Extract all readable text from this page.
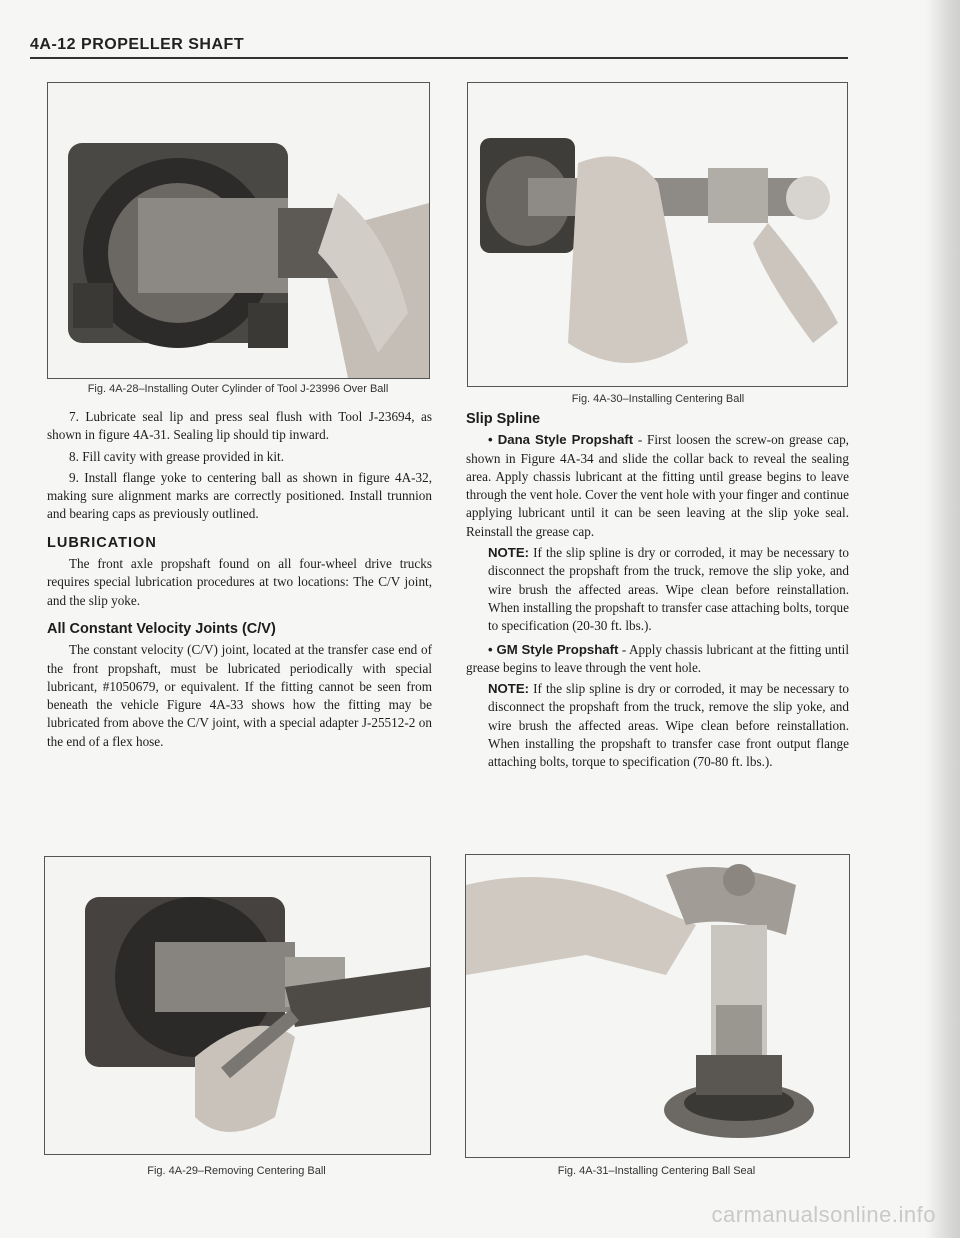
4A-12 PROPELLER SHAFT
Fig. 4A-28–Installing Outer Cylinder of Tool J-23996 Over Ball
Fig. 4A-30–Installing Centering Ball

7. Lubricate seal lip and press seal flush with Tool J-23694, as shown in figure 4A-31. Sealing lip should tip inward.

8. Fill cavity with grease provided in kit.

9. Install flange yoke to centering ball as shown in figure 4A-32, making sure alignment marks are correctly positioned. Install trunnion and bearing caps as previously outlined.

LUBRICATION

The front axle propshaft found on all four-wheel drive trucks requires special lubrication procedures at two locations: The C/V joint, and the slip yoke.

All Constant Velocity Joints (C/V)

The constant velocity (C/V) joint, located at the transfer case end of the front propshaft, must be lubricated periodically with special lubricant, #1050679, or equivalent. If the fitting cannot be seen from beneath the vehicle Figure 4A-33 shows how the fitting may be lubricated from above the C/V joint, with a special adapter J-25512-2 on the end of a flex hose.

Slip Spline

• Dana Style Propshaft - First loosen the screw-on grease cap, shown in Figure 4A-34 and slide the collar back to reveal the sealing area. Apply chassis lubricant at the fitting until grease begins to leave through the vent hole. Cover the vent hole with your finger and continue applying lubricant until it can be seen leaving at the slip yoke seal. Reinstall the grease cap.

NOTE: If the slip spline is dry or corroded, it may be necessary to disconnect the propshaft from the truck, remove the slip yoke, and wire brush the affected areas. Wipe clean before reinstallation. When installing the propshaft to transfer case attaching bolts, torque to specification (20-30 ft. lbs.).

• GM Style Propshaft - Apply chassis lubricant at the fitting until grease begins to leave through the vent hole.

NOTE: If the slip spline is dry or corroded, it may be necessary to disconnect the propshaft from the truck, remove the slip yoke, and wire brush the affected areas. Wipe clean before reinstallation. When installing the propshaft to transfer case front output flange attaching bolts, torque to specification (70-80 ft. lbs.).

Fig. 4A-29–Removing Centering Ball	Fig. 4A-31–Installing Centering Ball Seal
carmanualsonline.info
